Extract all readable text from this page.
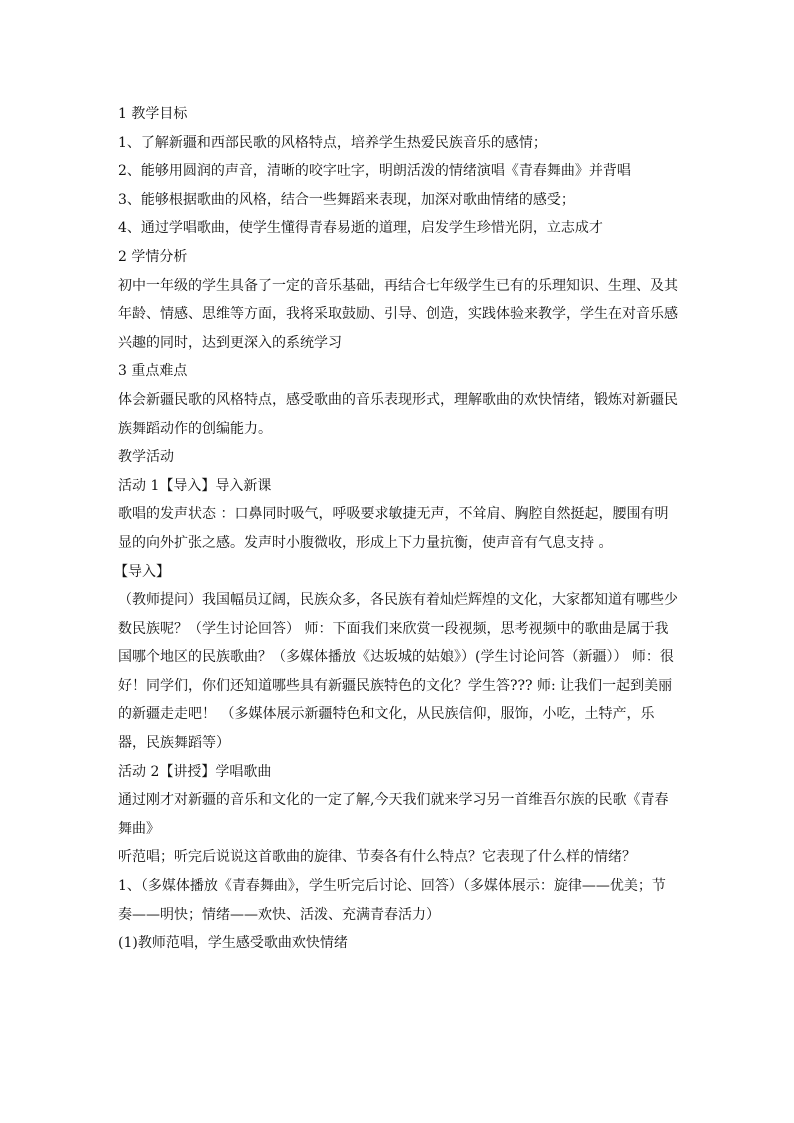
1 教学目标

1、了解新疆和西部民歌的风格特点，培养学生热爱民族音乐的感情；

2、能够用圆润的声音，清晰的咬字吐字，明朗活泼的情绪演唱《青春舞曲》并背唱

3、能够根据歌曲的风格，结合一些舞蹈来表现，加深对歌曲情绪的感受；

4、通过学唱歌曲，使学生懂得青春易逝的道理，启发学生珍惜光阴，立志成才

2 学情分析

初中一年级的学生具备了一定的音乐基础，再结合七年级学生已有的乐理知识、生理、及其年龄、情感、思维等方面，我将采取鼓励、引导、创造，实践体验来教学，学生在对音乐感兴趣的同时，达到更深入的系统学习

3 重点难点

体会新疆民歌的风格特点，感受歌曲的音乐表现形式，理解歌曲的欢快情绪，锻炼对新疆民族舞蹈动作的创编能力。

教学活动

活动 1【导入】导入新课

歌唱的发声状态 ：口鼻同时吸气，呼吸要求敏捷无声，不耸肩、胸腔自然挺起，腰围有明显的向外扩张之感。发声时小腹微收，形成上下力量抗衡，使声音有气息支持 。

【导入】

（教师提问）我国幅员辽阔，民族众多，各民族有着灿烂辉煌的文化，大家都知道有哪些少数民族呢？（学生讨论回答） 师：下面我们来欣赏一段视频，思考视频中的歌曲是属于我国哪个地区的民族歌曲？（多媒体播放《达坂城的姑娘》）(学生讨论问答（新疆）） 师：很好！同学们，你们还知道哪些具有新疆民族特色的文化？学生答??? 师: 让我们一起到美丽的新疆走走吧！ （多媒体展示新疆特色和文化，从民族信仰，服饰，小吃，土特产，乐器，民族舞蹈等）

活动 2【讲授】学唱歌曲

通过刚才对新疆的音乐和文化的一定了解,今天我们就来学习另一首维吾尔族的民歌《青春舞曲》

听范唱；听完后说说这首歌曲的旋律、节奏各有什么特点？它表现了什么样的情绪？

1、（多媒体播放《青春舞曲》，学生听完后讨论、回答）（多媒体展示：旋律——优美；节奏——明快；情绪——欢快、活泼、充满青春活力）

(1)教师范唱，学生感受歌曲欢快情绪
